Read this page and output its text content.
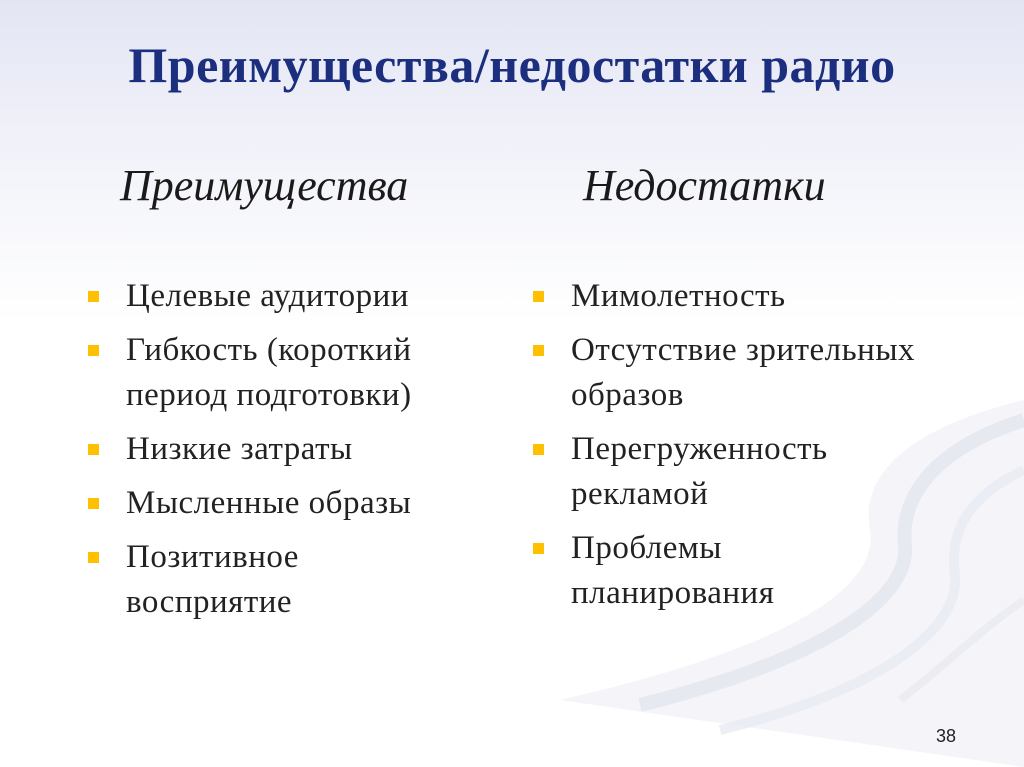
Преимущества/недостатки радио
Преимущества	Недостатки
Целевые аудитории
Гибкость (короткий
период подготовки)
Низкие затраты
Мысленные образы
Позитивное
восприятие
Мимолетность
Отсутствие зрительных
образов
Перегруженность
рекламой
Проблемы
планирования
38
